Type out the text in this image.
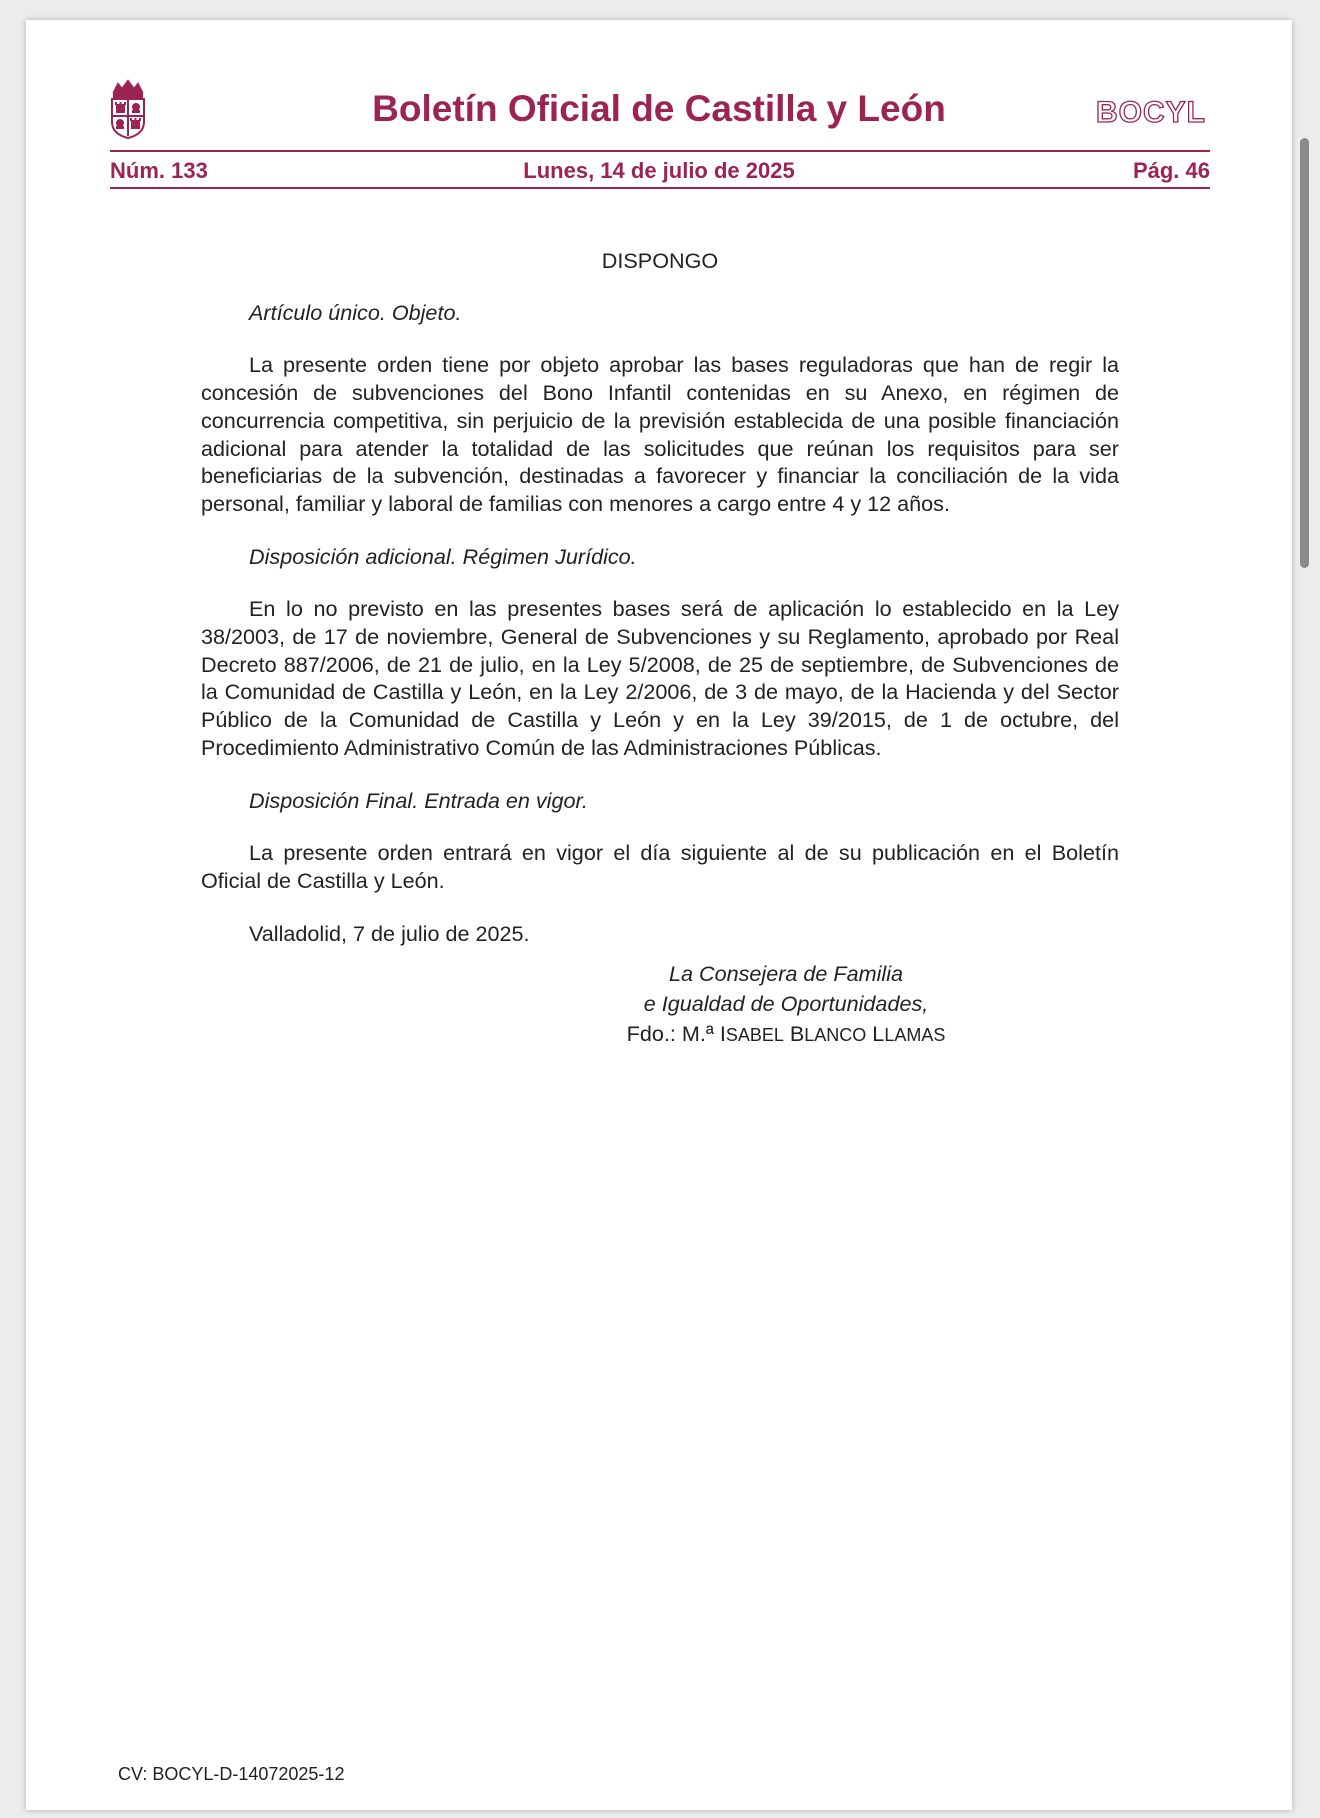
Boletín Oficial de Castilla y León	BOCYL
Núm. 133	Lunes, 14 de julio de 2025	Pág. 46

DISPONGO

Artículo único. Objeto.

La presente orden tiene por objeto aprobar las bases reguladoras que han de regir la concesión de subvenciones del Bono Infantil contenidas en su Anexo, en régimen de concurrencia competitiva, sin perjuicio de la previsión establecida de una posible financiación adicional para atender la totalidad de las solicitudes que reúnan los requisitos para ser beneficiarias de la subvención, destinadas a favorecer y financiar la conciliación de la vida personal, familiar y laboral de familias con menores a cargo entre 4 y 12 años.

Disposición adicional. Régimen Jurídico.

En lo no previsto en las presentes bases será de aplicación lo establecido en la Ley 38/2003, de 17 de noviembre, General de Subvenciones y su Reglamento, aprobado por Real Decreto 887/2006, de 21 de julio, en la Ley 5/2008, de 25 de septiembre, de Subvenciones de la Comunidad de Castilla y León, en la Ley 2/2006, de 3 de mayo, de la Hacienda y del Sector Público de la Comunidad de Castilla y León y en la Ley 39/2015, de 1 de octubre, del Procedimiento Administrativo Común de las Administraciones Públicas.

Disposición Final. Entrada en vigor.

La presente orden entrará en vigor el día siguiente al de su publicación en el Boletín Oficial de Castilla y León.

Valladolid, 7 de julio de 2025.

La Consejera de Familia
e Igualdad de Oportunidades,
Fdo.: M.ª ISABEL BLANCO LLAMAS
CV: BOCYL-D-14072025-12
